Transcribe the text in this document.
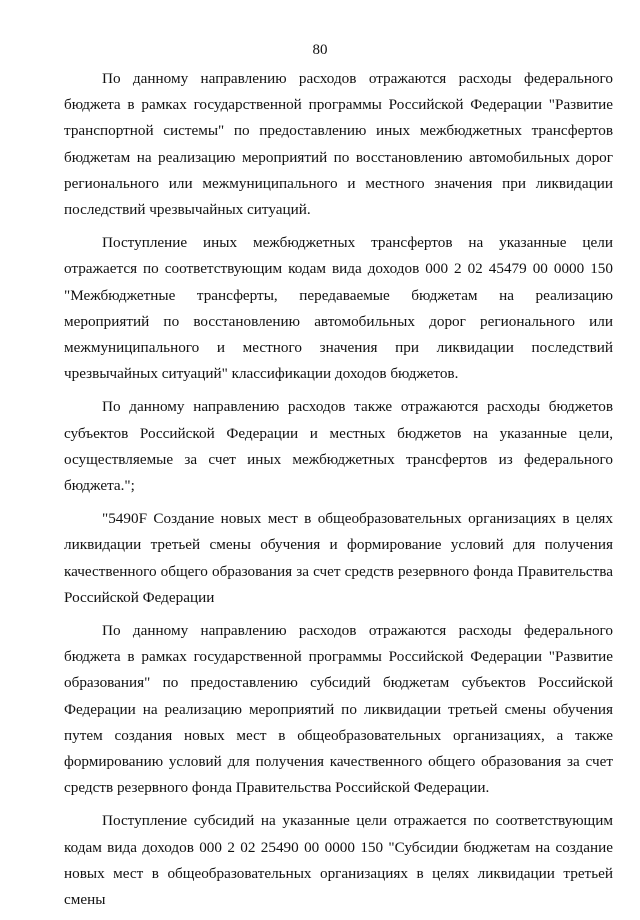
80

По данному направлению расходов отражаются расходы федерального бюджета в рамках государственной программы Российской Федерации "Развитие транспортной системы" по предоставлению иных межбюджетных трансфертов бюджетам на реализацию мероприятий по восстановлению автомобильных дорог регионального или межмуниципального и местного значения при ликвидации последствий чрезвычайных ситуаций.

Поступление иных межбюджетных трансфертов на указанные цели отражается по соответствующим кодам вида доходов 000 2 02 45479 00 0000 150 "Межбюджетные трансферты, передаваемые бюджетам на реализацию мероприятий по восстановлению автомобильных дорог регионального или межмуниципального и местного значения при ликвидации последствий чрезвычайных ситуаций" классификации доходов бюджетов.

По данному направлению расходов также отражаются расходы бюджетов субъектов Российской Федерации и местных бюджетов на указанные цели, осуществляемые за счет иных межбюджетных трансфертов из федерального бюджета.";

"5490F Создание новых мест в общеобразовательных организациях в целях ликвидации третьей смены обучения и формирование условий для получения качественного общего образования за счет средств резервного фонда Правительства Российской Федерации

По данному направлению расходов отражаются расходы федерального бюджета в рамках государственной программы Российской Федерации "Развитие образования" по предоставлению субсидий бюджетам субъектов Российской Федерации на реализацию мероприятий по ликвидации третьей смены обучения путем создания новых мест в общеобразовательных организациях, а также формированию условий для получения качественного общего образования за счет средств резервного фонда Правительства Российской Федерации.

Поступление субсидий на указанные цели отражается по соответствующим кодам вида доходов 000 2 02 25490 00 0000 150 "Субсидии бюджетам на создание новых мест в общеобразовательных организациях в целях ликвидации третьей смены
